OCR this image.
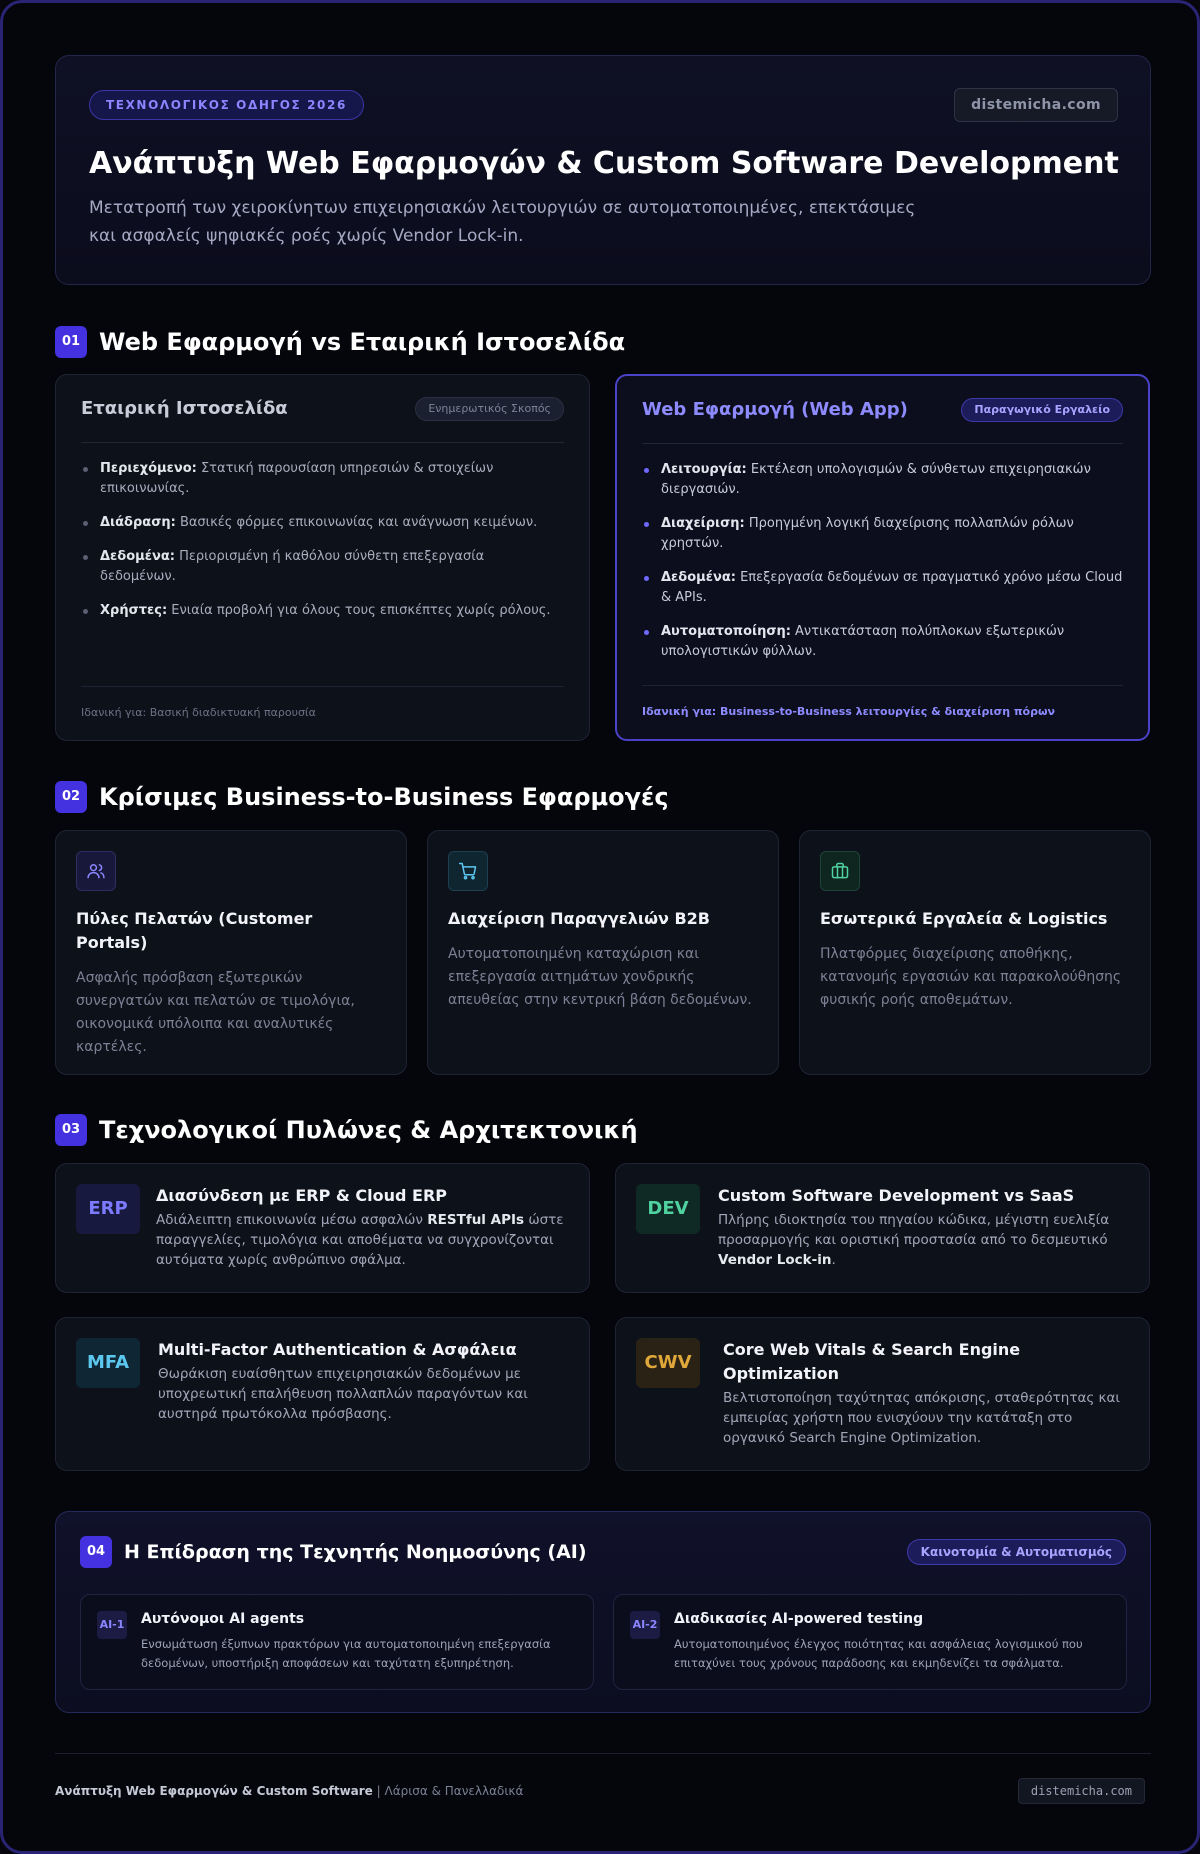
ΤΕΧΝΟΛΟΓΙΚΟΣ ΟΔΗΓΟΣ 2026	distemicha.com
Ανάπτυξη Web Εφαρμογών & Custom Software Development
Μετατροπή των χειροκίνητων επιχειρησιακών λειτουργιών σε αυτοματοποιημένες, επεκτάσιμες
και ασφαλείς ψηφιακές ροές χωρίς Vendor Lock-in.
01 Web Εφαρμογή vs Εταιρική Ιστοσελίδα
Εταιρική Ιστοσελίδα	Ενημερωτικός Σκοπός
Περιεχόμενο: Στατική παρουσίαση υπηρεσιών & στοιχείων επικοινωνίας.
Διάδραση: Βασικές φόρμες επικοινωνίας και ανάγνωση κειμένων.
Δεδομένα: Περιορισμένη ή καθόλου σύνθετη επεξεργασία δεδομένων.
Χρήστες: Ενιαία προβολή για όλους τους επισκέπτες χωρίς ρόλους.
Ιδανική για: Βασική διαδικτυακή παρουσία
Web Εφαρμογή (Web App)	Παραγωγικό Εργαλείο
Λειτουργία: Εκτέλεση υπολογισμών & σύνθετων επιχειρησιακών διεργασιών.
Διαχείριση: Προηγμένη λογική διαχείρισης πολλαπλών ρόλων χρηστών.
Δεδομένα: Επεξεργασία δεδομένων σε πραγματικό χρόνο μέσω Cloud & APIs.
Αυτοματοποίηση: Αντικατάσταση πολύπλοκων εξωτερικών υπολογιστικών φύλλων.
Ιδανική για: Business-to-Business λειτουργίες & διαχείριση πόρων
02 Κρίσιμες Business-to-Business Εφαρμογές
Πύλες Πελατών (Customer Portals)
Ασφαλής πρόσβαση εξωτερικών συνεργατών και πελατών σε τιμολόγια, οικονομικά υπόλοιπα και αναλυτικές καρτέλες.
Διαχείριση Παραγγελιών B2B
Αυτοματοποιημένη καταχώριση και επεξεργασία αιτημάτων χονδρικής απευθείας στην κεντρική βάση δεδομένων.
Εσωτερικά Εργαλεία & Logistics
Πλατφόρμες διαχείρισης αποθήκης, κατανομής εργασιών και παρακολούθησης φυσικής ροής αποθεμάτων.
03 Τεχνολογικοί Πυλώνες & Αρχιτεκτονική
ERP
Διασύνδεση με ERP & Cloud ERP
Αδιάλειπτη επικοινωνία μέσω ασφαλών RESTful APIs ώστε παραγγελίες, τιμολόγια και αποθέματα να συγχρονίζονται αυτόματα χωρίς ανθρώπινο σφάλμα.
DEV
Custom Software Development vs SaaS
Πλήρης ιδιοκτησία του πηγαίου κώδικα, μέγιστη ευελιξία προσαρμογής και οριστική προστασία από το δεσμευτικό Vendor Lock-in.
MFA
Multi-Factor Authentication & Ασφάλεια
Θωράκιση ευαίσθητων επιχειρησιακών δεδομένων με υποχρεωτική επαλήθευση πολλαπλών παραγόντων και αυστηρά πρωτόκολλα πρόσβασης.
CWV
Core Web Vitals & Search Engine Optimization
Βελτιστοποίηση ταχύτητας απόκρισης, σταθερότητας και εμπειρίας χρήστη που ενισχύουν την κατάταξη στο οργανικό Search Engine Optimization.
04 Η Επίδραση της Τεχνητής Νοημοσύνης (AI)	Καινοτομία & Αυτοματισμός
AI-1 Αυτόνομοι AI agents
Ενσωμάτωση έξυπνων πρακτόρων για αυτοματοποιημένη επεξεργασία δεδομένων, υποστήριξη αποφάσεων και ταχύτατη εξυπηρέτηση.
AI-2 Διαδικασίες AI-powered testing
Αυτοματοποιημένος έλεγχος ποιότητας και ασφάλειας λογισμικού που επιταχύνει τους χρόνους παράδοσης και εκμηδενίζει τα σφάλματα.
Ανάπτυξη Web Εφαρμογών & Custom Software | Λάρισα & Πανελλαδικά	distemicha.com
